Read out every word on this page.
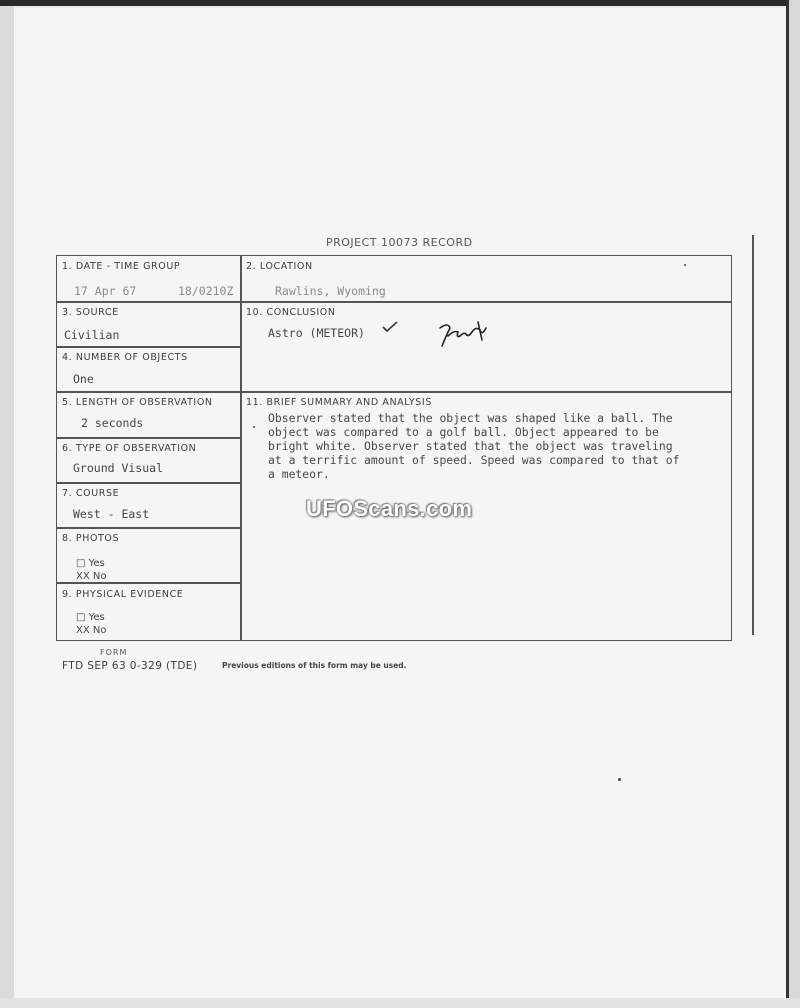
PROJECT 10073 RECORD
1. DATE - TIME GROUP
17 Apr 67	18/0210Z
2. LOCATION
Rawlins, Wyoming
3. SOURCE
Civilian
10. CONCLUSION
Astro (METEOR)
4. NUMBER OF OBJECTS
One
5. LENGTH OF OBSERVATION
2 seconds
11. BRIEF SUMMARY AND ANALYSIS
Observer stated that the object was shaped like a ball. The
object was compared to a golf ball. Object appeared to be
bright white. Observer stated that the object was traveling
at a terrific amount of speed. Speed was compared to that of
a meteor.
6. TYPE OF OBSERVATION
Ground Visual
7. COURSE
West - East
8. PHOTOS
□ Yes
XX No
9. PHYSICAL EVIDENCE
□ Yes
XX No
UFOScans.com
FORM
FTD SEP 63 0-329 (TDE)	Previous editions of this form may be used.
